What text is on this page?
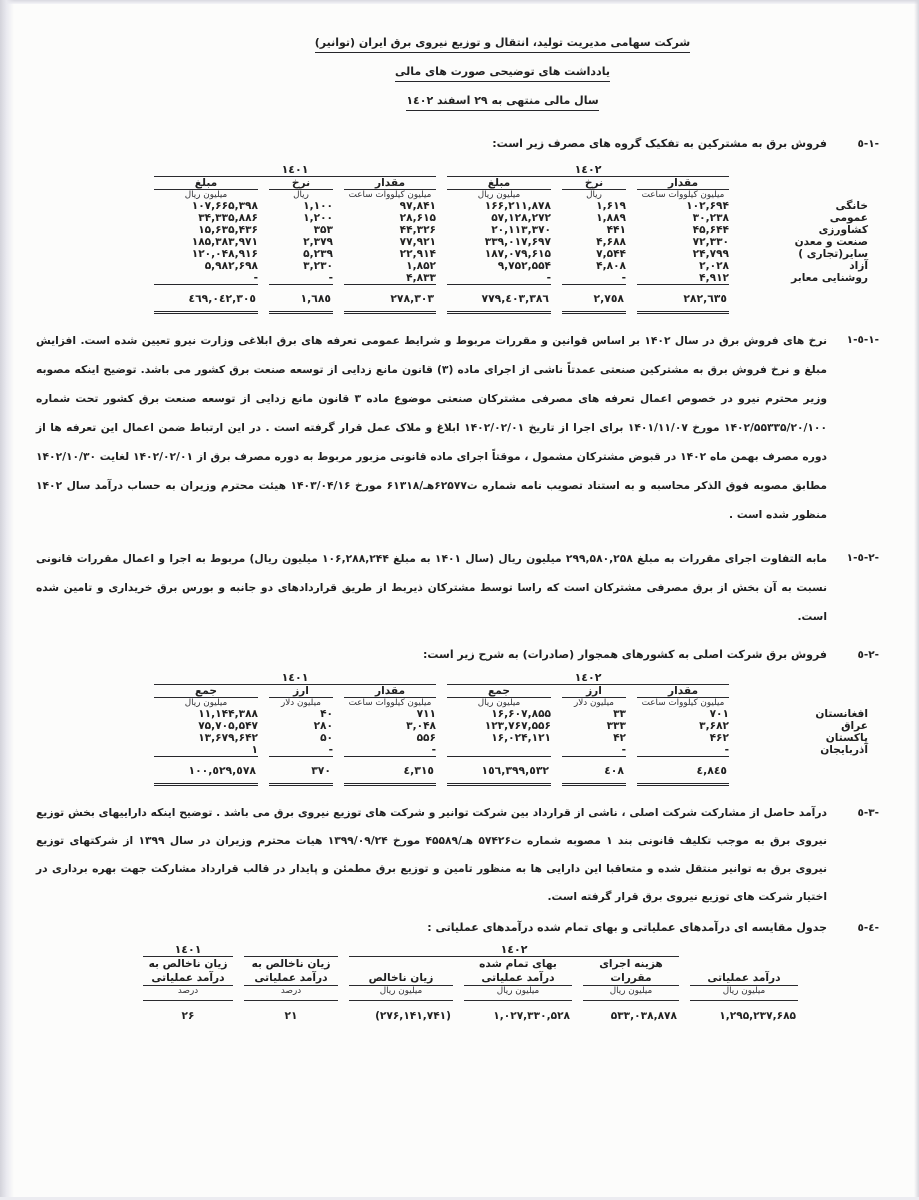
شرکت سهامی مدیریت تولید، انتقال و توزیع نیروی برق ایران (توانیر)
یادداشت های توضیحی صورت های مالی
سال مالی منتهی به ۲۹ اسفند ١٤٠٢
١-٥-
فروش برق به مشترکین به تفکیک گروه های مصرف زیر است:
	١٤٠٢			١٤٠١		
	مقدار	نرخ	مبلغ	مقدار	نرخ	مبلغ
	میلیون کیلووات ساعت	ریال	میلیون ریال	میلیون کیلووات ساعت	ریال	میلیون ریال
خانگی	۱۰۲,۶۹۴	۱,۶۱۹	۱۶۶,۲۱۱,۸۷۸	۹۷,۸۴۱	۱,۱۰۰	۱۰۷,۶۶۵,۳۹۸
عمومی	۳۰,۲۳۸	۱,۸۸۹	۵۷,۱۲۸,۲۷۲	۲۸,۶۱۵	۱,۲۰۰	۳۴,۳۳۵,۸۸۶
کشاورزی	۴۵,۶۴۴	۴۴۱	۲۰,۱۱۳,۳۷۰	۴۴,۳۲۶	۳۵۳	۱۵,۶۳۵,۴۳۶
صنعت و معدن	۷۲,۳۳۰	۴,۶۸۸	۳۳۹,۰۱۷,۶۹۷	۷۷,۹۲۱	۲,۳۷۹	۱۸۵,۳۸۳,۹۷۱
سایر(تجاری )	۲۴,۷۹۹	۷,۵۴۴	۱۸۷,۰۷۹,۶۱۵	۲۲,۹۱۴	۵,۲۳۹	۱۲۰,۰۴۸,۹۱۶
آزاد	۲,۰۲۸	۴,۸۰۸	۹,۷۵۲,۵۵۴	۱,۸۵۲	۳,۲۳۰	۵,۹۸۲,۶۹۸
روشنایی معابر	۴,۹۱۲	-	-	۴,۸۳۳	-	-
	٢٨٢,٦٣٥	٢,٧٥٨	٧٧٩,٤٠٣,٣٨٦	٢٧٨,٣٠٣	١,٦٨٥	٤٦٩,٠٤٢,٣٠٥
١-٥-١-
نرخ های فروش برق در سال ۱۴۰۲ بر اساس قوانین و مقررات مربوط و شرایط عمومی تعرفه های برق ابلاغی وزارت نیرو تعیین شده است. افزایش مبلغ و نرخ فروش برق به مشترکین صنعتی عمدتاً ناشی از اجرای ماده (۳) قانون مانع زدایی از توسعه صنعت برق کشور می باشد. توضیح اینکه مصوبه وزیر محترم نیرو در خصوص اعمال تعرفه های مصرفی مشترکان صنعتی موضوع ماده ۳ قانون مانع زدایی از توسعه صنعت برق کشور تحت شماره ۱۴۰۲/۵۵۳۳۵/۲۰/۱۰۰ مورخ ۱۴۰۱/۱۱/۰۷ برای اجرا از تاریخ ۱۴۰۲/۰۲/۰۱ ابلاغ و ملاک عمل قرار گرفته است . در این ارتباط ضمن اعمال این تعرفه ها از دوره مصرف بهمن ماه ۱۴۰۲ در قبوض مشترکان مشمول ، موقتاً اجرای ماده قانونی مزبور مربوط به دوره مصرف برق از ۱۴۰۲/۰۲/۰۱ لغایت ۱۴۰۲/۱۰/۳۰ مطابق مصوبه فوق الذکر محاسبه و به استناد تصویب نامه شماره ⁦۶۱۳۱۸/ت۶۲۵۷۷هـ⁩ مورخ ۱۴۰۳/۰۴/۱۶ هیئت محترم وزیران به حساب درآمد سال ۱۴۰۲ منظور شده است .
٢-٥-١-
مابه التفاوت اجرای مقررات به مبلغ ۲۹۹,۵۸۰,۲۵۸ میلیون ریال (سال ۱۴۰۱ به مبلغ ۱۰۶,۲۸۸,۲۴۴ میلیون ریال) مربوط به اجرا و اعمال مقررات قانونی نسبت به آن بخش از برق مصرفی مشترکان است که راسا توسط مشترکان ذیربط از طریق قراردادهای دو جانبه و بورس برق خریداری و تامین شده است.
٢-٥-
فروش برق شرکت اصلی به کشورهای همجوار (صادرات) به شرح زیر است:
	١٤٠٢			١٤٠١		
	مقدار	ارز	جمع	مقدار	ارز	جمع
	میلیون کیلووات ساعت	میلیون دلار	میلیون ریال	میلیون کیلووات ساعت	میلیون دلار	میلیون ریال
افغانستان	۷۰۱	۳۳	۱۶,۶۰۷,۸۵۵	۷۱۱	۴۰	۱۱,۱۴۴,۳۸۸
عراق	۳,۶۸۲	۳۳۳	۱۲۳,۷۶۷,۵۵۶	۳,۰۴۸	۲۸۰	۷۵,۷۰۵,۵۴۷
پاکستان	۴۶۲	۴۲	۱۶,۰۲۴,۱۲۱	۵۵۶	۵۰	۱۳,۶۷۹,۶۴۲
آذربایجان	-	-		-	-	۱
	٤,٨٤٥	٤٠٨	١٥٦,٣٩٩,٥٣٢	٤,٣١٥	٣٧٠	١٠٠,٥٢٩,٥٧٨
٣-٥-
درآمد حاصل از مشارکت شرکت اصلی ، ناشی از قرارداد بین شرکت توانیر و شرکت های توزیع نیروی برق می باشد . توضیح اینکه داراییهای بخش توزیع نیروی برق به موجب تکلیف قانونی بند ۱ مصوبه شماره ⁦۴۵۵۸۹/ت۵۷۴۲۶ هـ⁩ مورخ ۱۳۹۹/۰۹/۲۴ هیات محترم وزیران در سال ۱۳۹۹ از شرکتهای توزیع نیروی برق به توانیر منتقل شده و متعاقبا این دارایی ها به منظور تامین و توزیع برق مطمئن و پایدار در قالب قرارداد مشارکت جهت بهره برداری در اختیار شرکت های توزیع نیروی برق قرار گرفته است.
٤-٥-
جدول مقایسه ای درآمدهای عملیاتی و بهای تمام شده درآمدهای عملیاتی :
	١٤٠٢				١٤٠١
درآمد عملیاتی	هزینه اجرای مقررات	بهای تمام شده درآمد عملیاتی	زیان ناخالص	زیان ناخالص به درآمد عملیاتی	زیان ناخالص به درآمد عملیاتی
میلیون ریال	میلیون ریال	میلیون ریال	میلیون ریال	درصد	درصد
۱,۲۹۵,۲۳۷,۶۸۵	۵۳۳,۰۳۸,۸۷۸	۱,۰۲۷,۳۳۰,۵۲۸	(۲۷۶,۱۴۱,۷۴۱)	۲۱	۲۶
